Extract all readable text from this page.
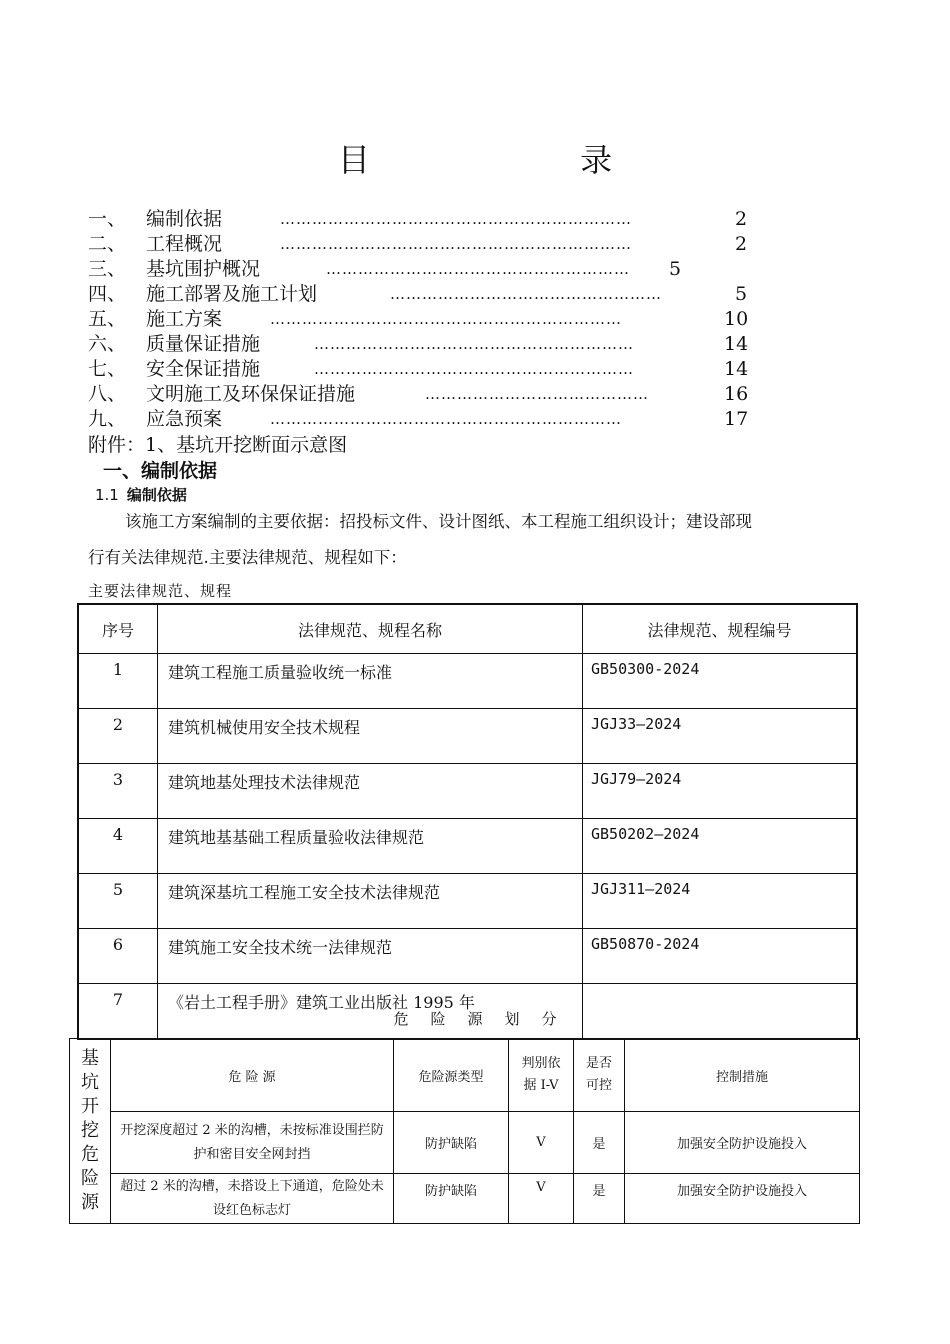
目 录
一、 编制依据	…………………………………………………………	2
二、 工程概况	…………………………………………………………	2
三、 基坑围护概况	………………………………………………… 5
四、 施工部署及施工计划	……………………………………………	5
五、 施工方案	…………………………………………………………	10
六、 质量保证措施	……………………………………………………	14
七、 安全保证措施	……………………………………………………	14
八、 文明施工及环保保证措施	……………………………………	16
九、 应急预案	…………………………………………………………	17
附件：1、基坑开挖断面示意图
一、编制依据
1.1 编制依据
该施工方案编制的主要依据：招投标文件、设计图纸、本工程施工组织设计；建设部现
行有关法律规范.主要法律规范、规程如下：
主要法律规范、规程
序号	法律规范、规程名称	法律规范、规程编号
1	建筑工程施工质量验收统一标准	GB50300-2024
2	建筑机械使用安全技术规程	JGJ33—2024
3	建筑地基处理技术法律规范	JGJ79—2024
4	建筑地基基础工程质量验收法律规范	GB50202—2024
5	建筑深基坑工程施工安全技术法律规范	JGJ311—2024
6	建筑施工安全技术统一法律规范	GB50870-2024
7	《岩土工程手册》建筑工业出版社 1995 年	
危险源划分
基坑开挖危险源	危 险 源	危险源类型	判别依据 I-V	是否可控	控制措施
	开挖深度超过 2 米的沟槽，未按标准设围拦防护和密目安全网封挡	防护缺陷	V	是	加强安全防护设施投入
	超过 2 米的沟槽，未搭设上下通道，危险处未设红色标志灯	防护缺陷	V	是	加强安全防护设施投入
